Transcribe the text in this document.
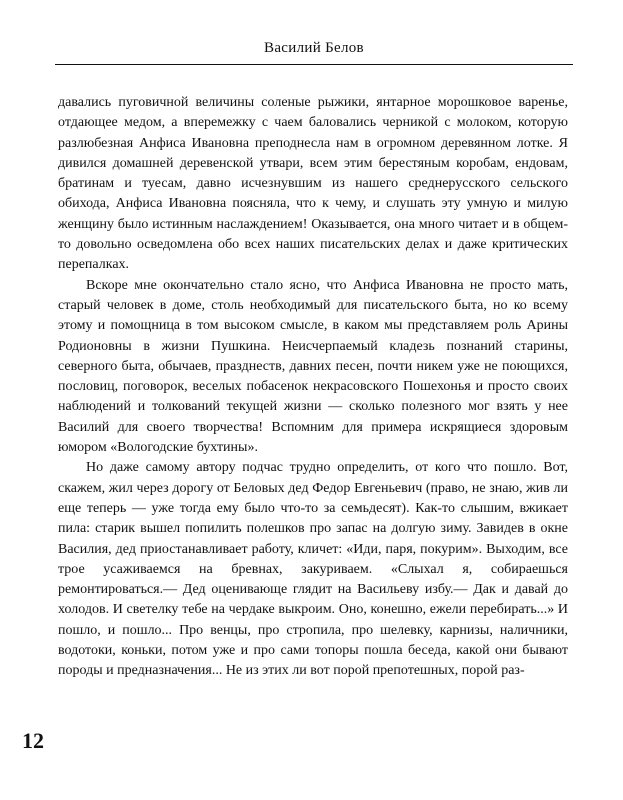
Василий Белов

давались пуговичной величины соленые рыжики, янтарное морошковое варенье, отдающее медом, а вперемежку с чаем баловались черникой с молоком, которую разлюбезная Анфиса Ивановна преподнесла нам в огромном деревянном лотке. Я дивился домашней деревенской утвари, всем этим берестяным коробам, ендовам, братинам и туесам, давно исчезнувшим из нашего среднерусского сельского обихода, Анфиса Ивановна поясняла, что к чему, и слушать эту умную и милую женщину было истинным наслаждением! Оказывается, она много читает и в общем-то довольно осведомлена обо всех наших писательских делах и даже критических перепалках.

Вскоре мне окончательно стало ясно, что Анфиса Ивановна не просто мать, старый человек в доме, столь необходимый для писательского быта, но ко всему этому и помощница в том высоком смысле, в каком мы представляем роль Арины Родионовны в жизни Пушкина. Неисчерпаемый кладезь познаний старины, северного быта, обычаев, празднеств, давних песен, почти никем уже не поющихся, пословиц, поговорок, веселых побасенок некрасовского Пошехонья и просто своих наблюдений и толкований текущей жизни — сколько полезного мог взять у нее Василий для своего творчества! Вспомним для примера искрящиеся здоровым юмором «Вологодские бухтины».

Но даже самому автору подчас трудно определить, от кого что пошло. Вот, скажем, жил через дорогу от Беловых дед Федор Евгеньевич (право, не знаю, жив ли еще теперь — уже тогда ему было что-то за семьдесят). Как-то слышим, вжикает пила: старик вышел попилить полешков про запас на долгую зиму. Завидев в окне Василия, дед приостанавливает работу, кличет: «Иди, паря, покурим». Выходим, все трое усаживаемся на бревнах, закуриваем. «Слыхал я, собираешься ремонтироваться.— Дед оценивающе глядит на Васильеву избу.— Дак и давай до холодов. И светелку тебе на чердаке выкроим. Оно, конешно, ежели перебирать...» И пошло, и пошло... Про венцы, про стропила, про шелевку, карнизы, наличники, водотоки, коньки, потом уже и про сами топоры пошла беседа, какой они бывают породы и предназначения... Не из этих ли вот порой препотешных, порой раз-

12
